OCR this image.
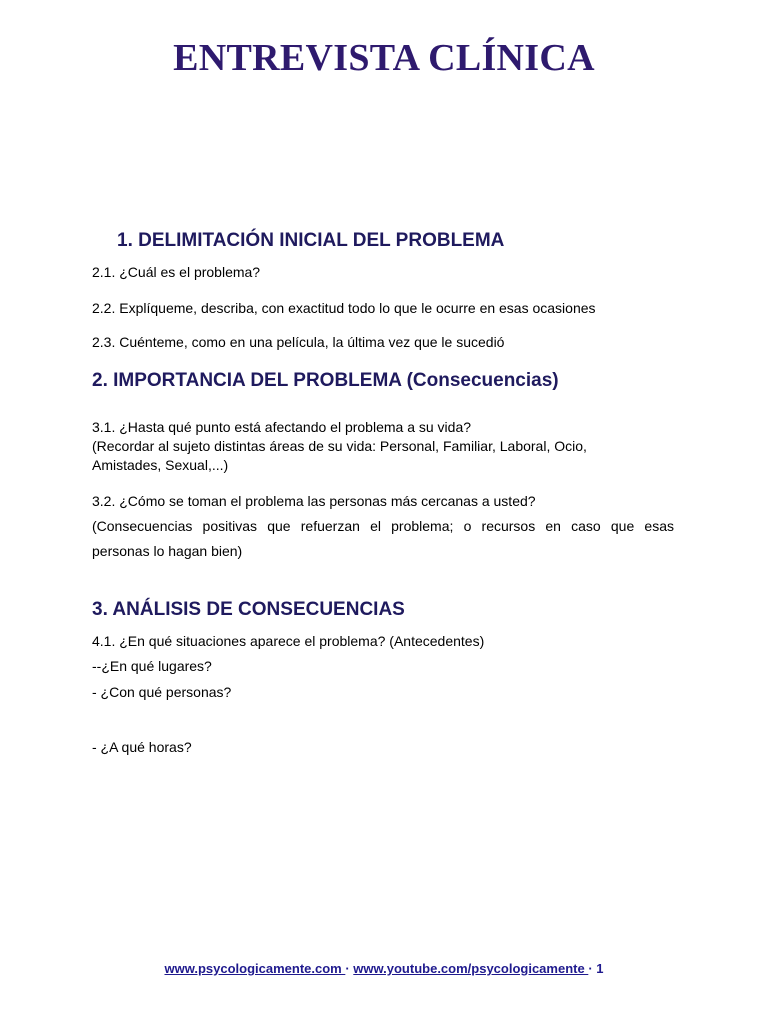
ENTREVISTA CLÍNICA
1. DELIMITACIÓN INICIAL DEL PROBLEMA
2.1. ¿Cuál es el problema?
2.2. Explíqueme, describa, con exactitud todo lo que le ocurre en esas ocasiones
2.3. Cuénteme, como en una película, la última vez que le sucedió
2. IMPORTANCIA DEL PROBLEMA (Consecuencias)
3.1. ¿Hasta qué punto está afectando el problema a su vida?
(Recordar al sujeto distintas áreas de su vida: Personal, Familiar, Laboral, Ocio,
Amistades, Sexual,...)
3.2. ¿Cómo se toman el problema las personas más cercanas a usted?
(Consecuencias positivas que refuerzan el problema; o recursos en caso que esas
personas lo hagan bien)
3. ANÁLISIS DE CONSECUENCIAS
4.1. ¿En qué situaciones aparece el problema? (Antecedentes)
--¿En qué lugares?
- ¿Con qué personas?
- ¿A qué horas?
www.psycologicamente.com · www.youtube.com/psycologicamente · 1
